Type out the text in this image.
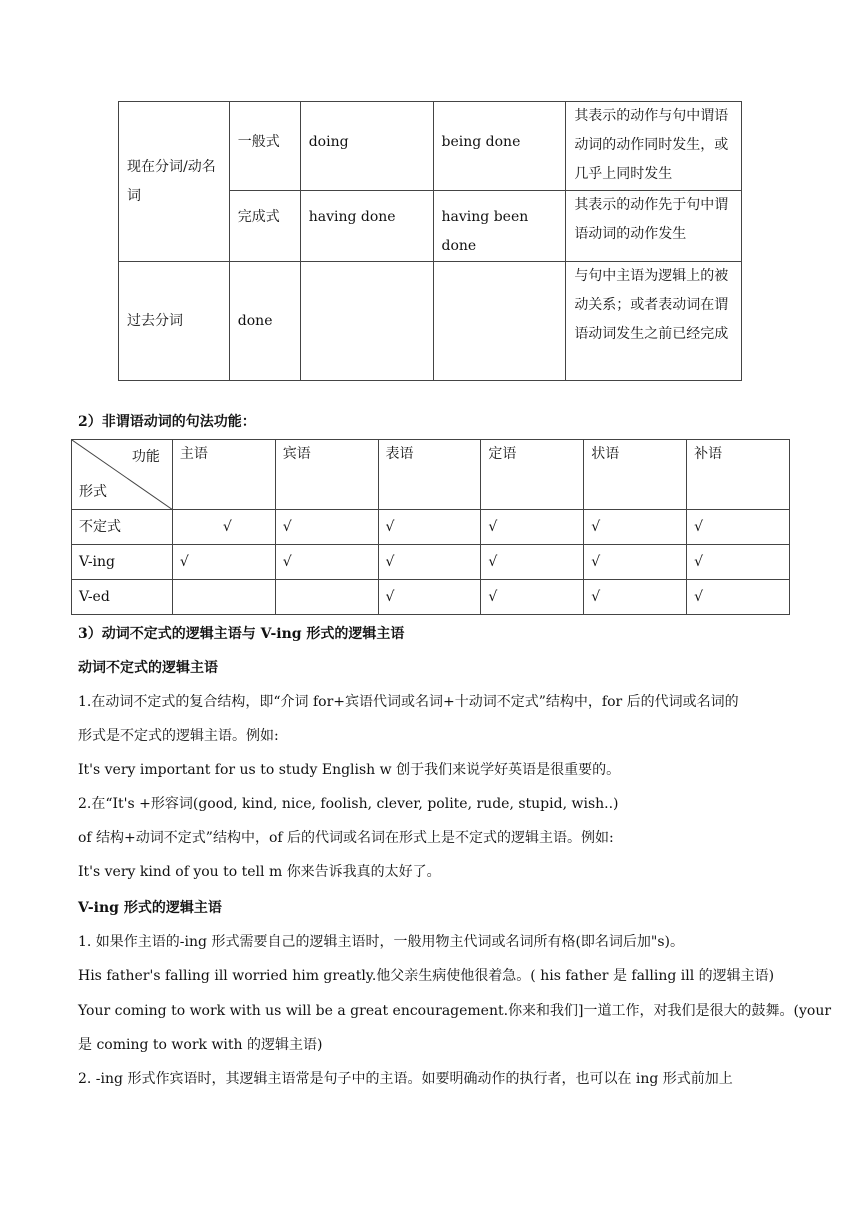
现在分词/动名词	一般式	doing	being done	其表示的动作与句中谓语动词的动作同时发生，或几乎上同时发生
	完成式	having done	having been done	其表示的动作先于句中谓语动词的动作发生
过去分词	done			与句中主语为逻辑上的被动关系；或者表动词在谓语动词发生之前已经完成
2）非谓语动词的句法功能：
功能
形式	主语	宾语	表语	定语	状语	补语
不定式	√	√	√	√	√	√
V-ing	√	√	√	√	√	√
V-ed			√	√	√	√
3）动词不定式的逻辑主语与 V-ing 形式的逻辑主语
动词不定式的逻辑主语
1.在动词不定式的复合结构，即“介词 for+宾语代词或名词+十动词不定式”结构中，for 后的代词或名词的
形式是不定式的逻辑主语。例如:
It's very important for us to study English w 创于我们来说学好英语是很重要的。
2.在“It's +形容词(good, kind, nice, foolish, clever, polite, rude, stupid, wish..)
of 结构+动词不定式”结构中，of 后的代词或名词在形式上是不定式的逻辑主语。例如:
It's very kind of you to tell m 你来告诉我真的太好了。
V-ing 形式的逻辑主语
1. 如果作主语的-ing 形式需要自己的逻辑主语时，一般用物主代词或名词所有格(即名词后加"s)。
His father's falling ill worried him greatly.他父亲生病使他很着急。( his father 是 falling ill 的逻辑主语)
Your coming to work with us will be a great encouragement.你来和我们]一道工作，对我们是很大的鼓舞。(your
是 coming to work with 的逻辑主语)
2. -ing 形式作宾语时，其逻辑主语常是句子中的主语。如要明确动作的执行者，也可以在 ing 形式前加上
